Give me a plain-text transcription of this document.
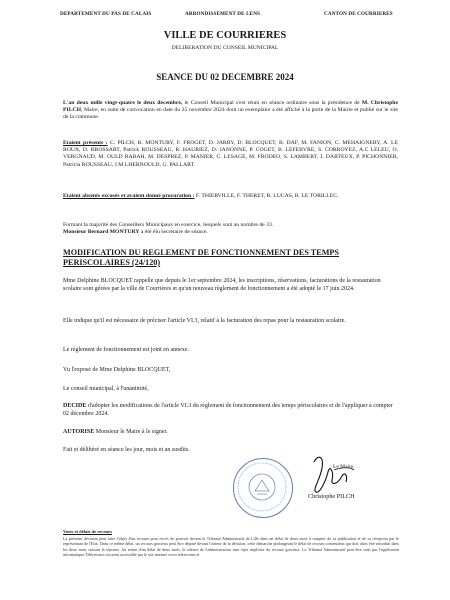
DEPARTEMENT DU PAS DE CALAIS	ARRONDISSEMENT DE LENS	CANTON DE COURRIERES
VILLE DE COURRIERES
DELIBERATION DU CONSEIL MUNICIPAL
SEANCE DU 02 DECEMBRE 2024
L'an deux mille vingt-quatre le deux décembre, le Conseil Municipal s'est réuni en séance ordinaire sous la présidence de M. Christophe PILCH, Maire, en suite de convocation en date du 25 novembre 2024 dont un exemplaire a été affiché à la porte de la Mairie et publié sur le site de la commune.
Etaient présents : C. PILCH, B. MONTURY, F. FROGET, D. JARRY, D. BLOCQUET, B. DAF, M. FANION, C. MEHAIGNERY, A. LE ROUX, D. BROSSART, Patrick ROUSSEAU, R. HAURIEZ, D. JANONNE, P. COGET, B. LEFEBVRE, S. CORROYEZ, A.C LELEU, O. VERGNAUD, M. OULD RABAH, M. DESPREZ, P. MANIER, C. LESAGE, M. FRODEO, S. LAMBERT, J. DARTEUX, P. PICHONNIER, Patricia ROUSSEAU, J.M LHERNOULD, G. PALLART.
Etaient absents excusés et avaient donné procuration : F. THIERVILLE, F. THERET, R. LUCAS, B. LE TORILLEC.
Formant la majorité des Conseillers Municipaux en exercice, lesquels sont au nombre de 33.
Monsieur Bernard MONTURY a été élu secrétaire de séance.
MODIFICATION DU REGLEMENT DE FONCTIONNEMENT DES TEMPS PERISCOLAIRES (24/120)
Mme Delphine BLOCQUET rappelle que depuis le 1er septembre 2024, les inscriptions, réservations, facturations de la restauration scolaire sont gérées par la ville de Courrières et qu'un nouveau règlement de fonctionnement a été adopté le 17 juin 2024.
Elle indique qu'il est nécessaire de préciser l'article VI.3, relatif à la facturation des repas pour la restauration scolaire.
Le règlement de fonctionnement est joint en annexe.
Vu l'exposé de Mme Delphine BLOCQUET,
Le conseil municipal, à l'unanimité,
DECIDE d'adopter les modifications de l'article VI.3 du règlement de fonctionnement des temps périscolaires et de l'appliquer à compter 02 décembre 2024.
AUTORISE Monsieur le Maire à le signer.
Fait et délibéré en séance les jour, mois et an susdits.
Le Maire,
Christophe PILCH
Voies et délais de recours
La présente décision peut faire l'objet d'un recours pour excès de pouvoir devant le Tribunal Administratif de Lille dans un délai de deux mois à compter de sa publication et de sa réception par le représentant de l'Etat. Dans ce même délai, un recours gracieux peut être déposé devant l'auteur de la décision, cette démarche prolongeant le délai de recours contentieux qui doit alors être introduit dans les deux mois suivant la réponse. Au terme d'un délai de deux mois, le silence de l'administration vaut rejet implicite du recours gracieux. Le Tribunal Administratif peut être saisi par l'application informatique Télérecours citoyens accessible par le site internet www.telerecours.fr
